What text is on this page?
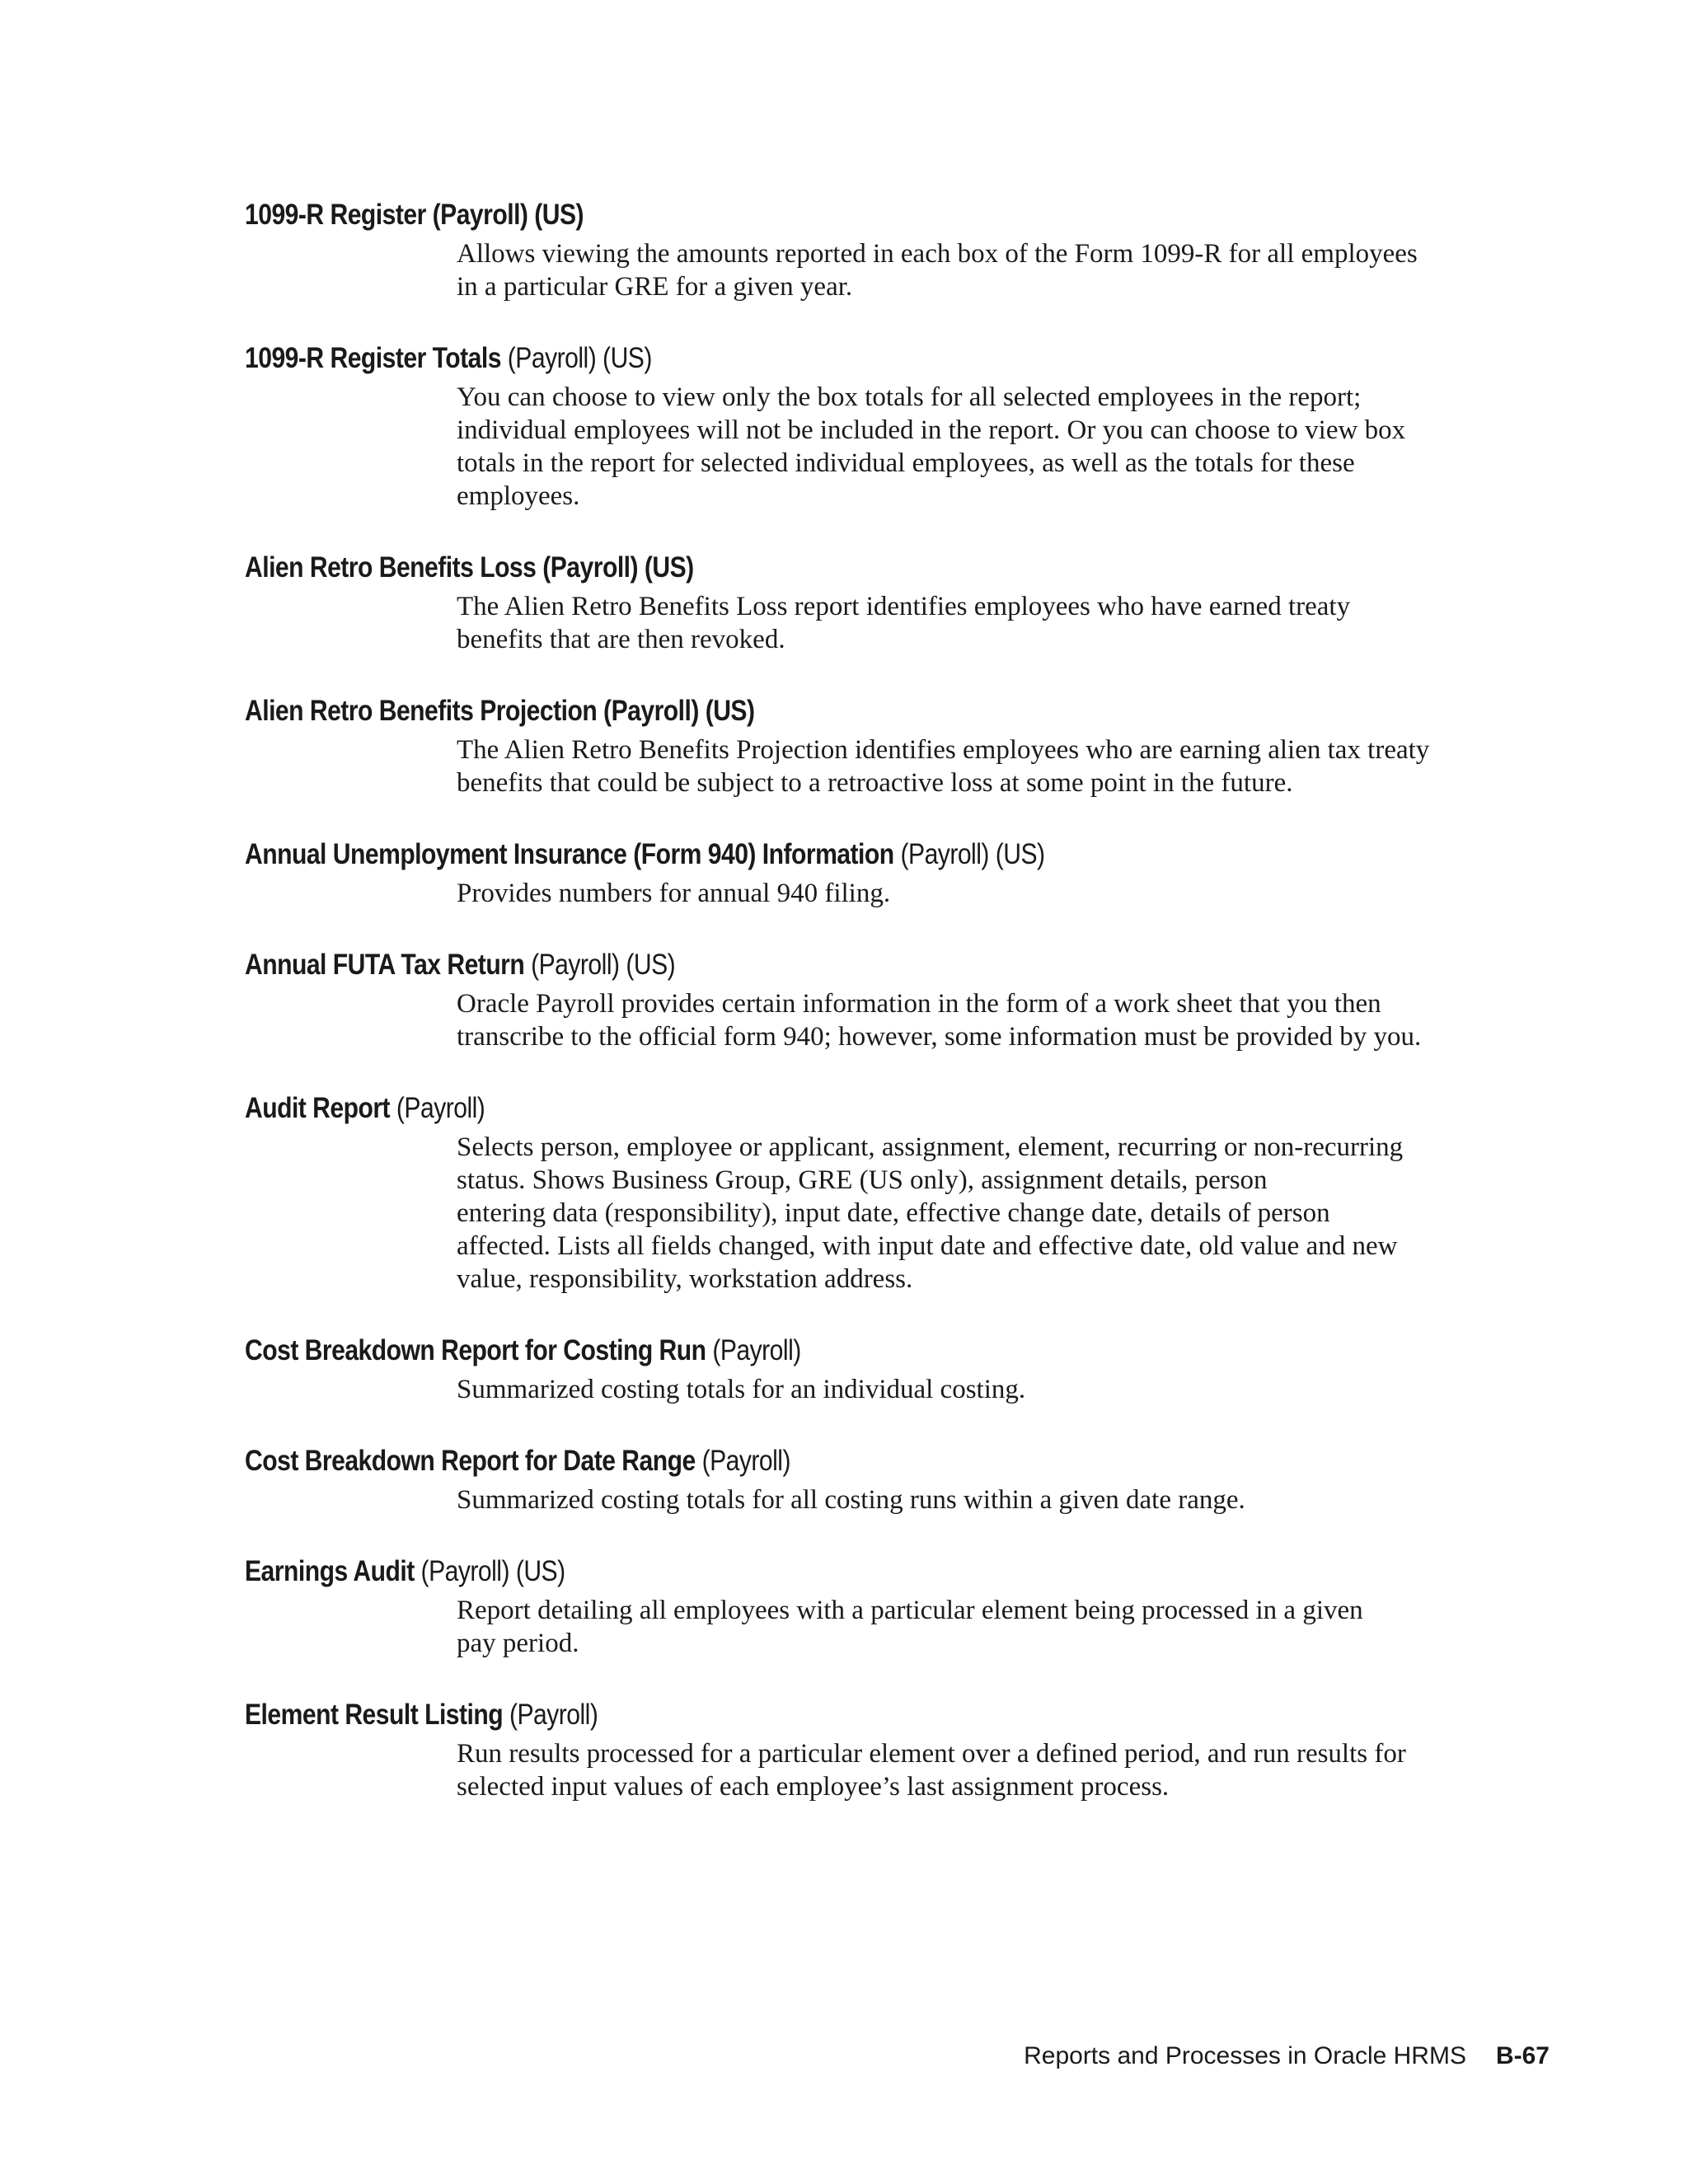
1099-R Register (Payroll) (US)
Allows viewing the amounts reported in each box of the Form 1099-R for all employees
in a particular GRE for a given year.
1099-R Register Totals (Payroll) (US)
You can choose to view only the box totals for all selected employees in the report;
individual employees will not be included in the report. Or you can choose to view box
totals in the report for selected individual employees, as well as the totals for these
employees.
Alien Retro Benefits Loss (Payroll) (US)
The Alien Retro Benefits Loss report identifies employees who have earned treaty
benefits that are then revoked.
Alien Retro Benefits Projection (Payroll) (US)
The Alien Retro Benefits Projection identifies employees who are earning alien tax treaty
benefits that could be subject to a retroactive loss at some point in the future.
Annual Unemployment Insurance (Form 940) Information (Payroll) (US)
Provides numbers for annual 940 filing.
Annual FUTA Tax Return (Payroll) (US)
Oracle Payroll provides certain information in the form of a work sheet that you then
transcribe to the official form 940; however, some information must be provided by you.
Audit Report (Payroll)
Selects person, employee or applicant, assignment, element, recurring or non-recurring
status. Shows Business Group, GRE (US only), assignment details, person
entering data (responsibility), input date, effective change date, details of person
affected. Lists all fields changed, with input date and effective date, old value and new
value, responsibility, workstation address.
Cost Breakdown Report for Costing Run (Payroll)
Summarized costing totals for an individual costing.
Cost Breakdown Report for Date Range (Payroll)
Summarized costing totals for all costing runs within a given date range.
Earnings Audit (Payroll) (US)
Report detailing all employees with a particular element being processed in a given
pay period.
Element Result Listing (Payroll)
Run results processed for a particular element over a defined period, and run results for
selected input values of each employee’s last assignment process.
Reports and Processes in Oracle HRMS B-67
